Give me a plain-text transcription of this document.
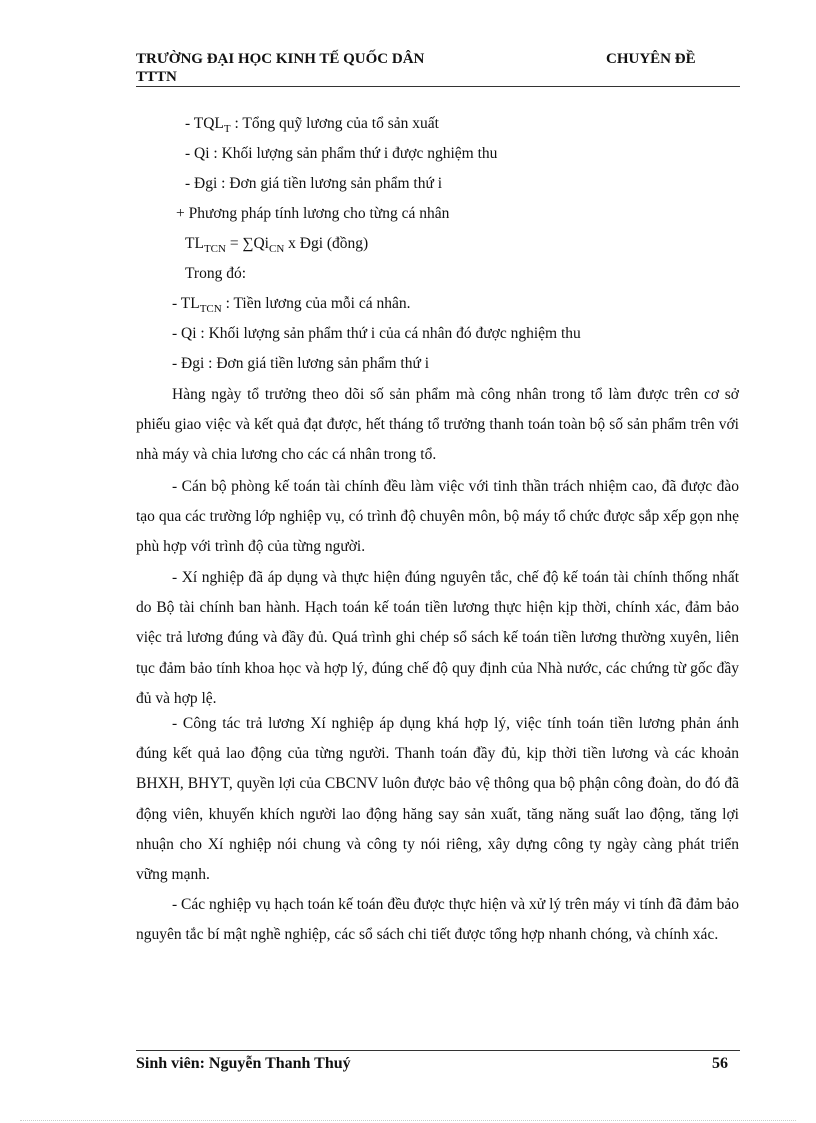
TRƯỜNG ĐẠI HỌC KINH TẾ QUỐC DÂN	CHUYÊN ĐỀ
TTTN
- $TQL_T$ : Tổng quỹ lương của tổ sản xuất
- Qi : Khối lượng sản phẩm thứ i được nghiệm thu
- Đgi : Đơn giá tiền lương sản phẩm thứ i
+ Phương pháp tính lương cho từng cá nhân
$TL_{TCN} = \sum Qi_{CN}$ x Đgi (đồng)
Trong đó:
- $TL_{TCN}$ : Tiền lương của mỗi cá nhân.
- Qi : Khối lượng sản phẩm thứ i của cá nhân đó được nghiệm thu
- Đgi : Đơn giá tiền lương sản phẩm thứ i
Hàng ngày tổ trưởng theo dõi số sản phẩm mà công nhân trong tổ làm được trên cơ sở phiếu giao việc và kết quả đạt được, hết tháng tổ trưởng thanh toán toàn bộ số sản phẩm trên với nhà máy và chia lương cho các cá nhân trong tổ.
- Cán bộ phòng kế toán tài chính đều làm việc với tinh thần trách nhiệm cao, đã được đào tạo qua các trường lớp nghiệp vụ, có trình độ chuyên môn, bộ máy tổ chức được sắp xếp gọn nhẹ phù hợp với trình độ của từng người.
- Xí nghiệp đã áp dụng và thực hiện đúng nguyên tắc, chế độ kế toán tài chính thống nhất do Bộ tài chính ban hành. Hạch toán kế toán tiền lương thực hiện kịp thời, chính xác, đảm bảo việc trả lương đúng và đầy đủ. Quá trình ghi chép sổ sách kế toán tiền lương thường xuyên, liên tục đảm bảo tính khoa học và hợp lý, đúng chế độ quy định của Nhà nước, các chứng từ gốc đầy đủ và hợp lệ.
- Công tác trả lương Xí nghiệp áp dụng khá hợp lý, việc tính toán tiền lương phản ánh đúng kết quả lao động của từng người. Thanh toán đầy đủ, kịp thời tiền lương và các khoản BHXH, BHYT, quyền lợi của CBCNV luôn được bảo vệ thông qua bộ phận công đoàn, do đó đã động viên, khuyến khích người lao động hăng say sản xuất, tăng năng suất lao động, tăng lợi nhuận cho Xí nghiệp nói chung và công ty nói riêng, xây dựng công ty ngày càng phát triển vững mạnh.
- Các nghiệp vụ hạch toán kế toán đều được thực hiện và xử lý trên máy vi tính đã đảm bảo nguyên tắc bí mật nghề nghiệp, các sổ sách chi tiết được tổng hợp nhanh chóng, và chính xác.
Sinh viên: Nguyễn Thanh Thuý	56
